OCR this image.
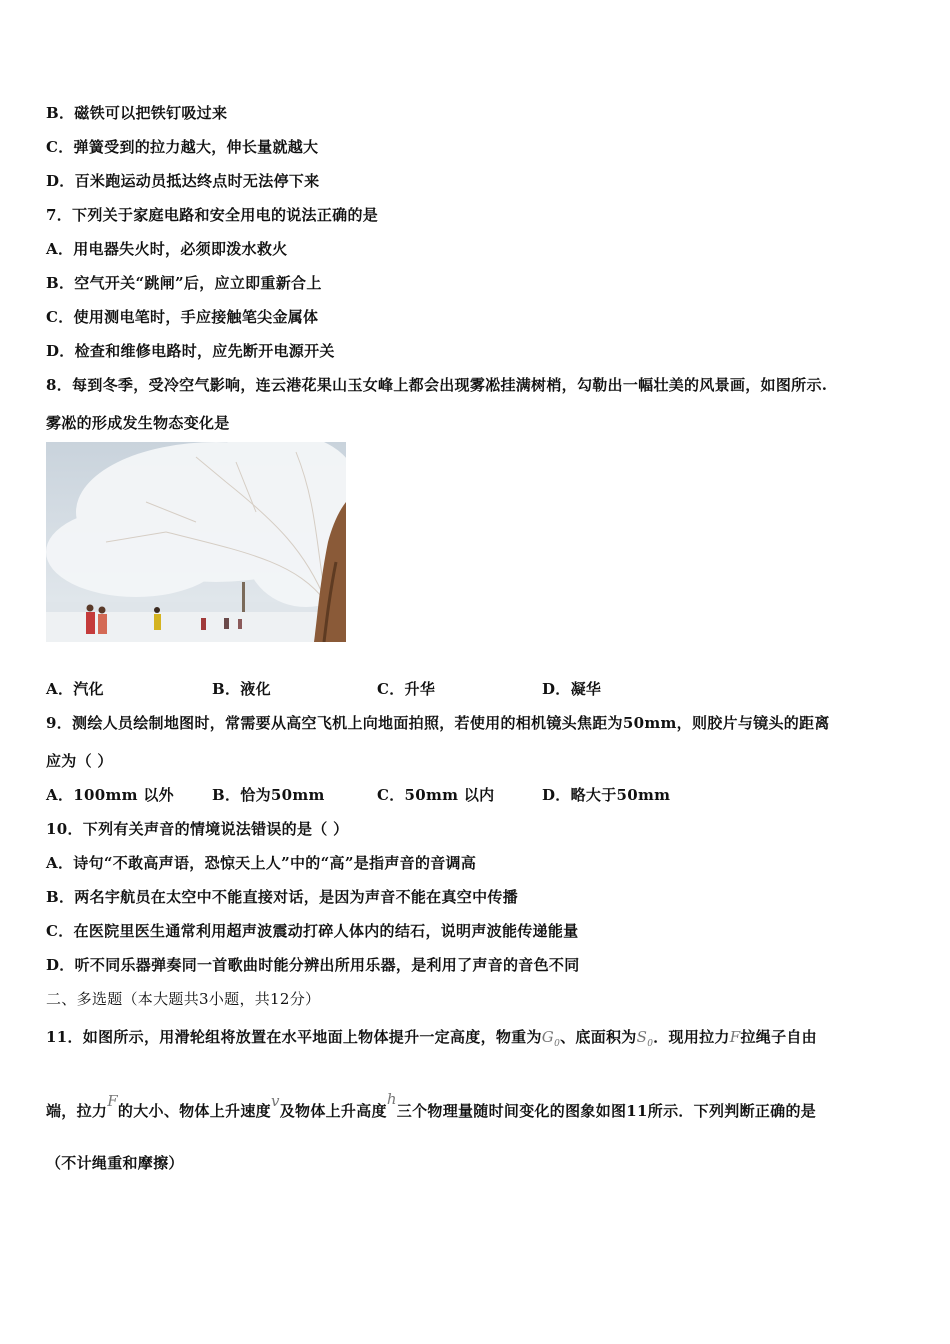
B．磁铁可以把铁钉吸过来
C．弹簧受到的拉力越大，伸长量就越大
D．百米跑运动员抵达终点时无法停下来
7．下列关于家庭电路和安全用电的说法正确的是
A．用电器失火时，必须即泼水救火
B．空气开关“跳闸”后，应立即重新合上
C．使用测电笔时，手应接触笔尖金属体
D．检查和维修电路时，应先断开电源开关
8．每到冬季，受冷空气影响，连云港花果山玉女峰上都会出现雾凇挂满树梢，勾勒出一幅壮美的风景画，如图所示.
雾凇的形成发生物态变化是
A．汽化	B．液化	C．升华	D．凝华
9．测绘人员绘制地图时，常需要从高空飞机上向地面拍照，若使用的相机镜头焦距为50mm，则胶片与镜头的距离
应为（ ）
A．100mm 以外	B．恰为50mm	C．50mm 以内	D．略大于50mm
10．下列有关声音的情境说法错误的是（ ）
A．诗句“不敢高声语，恐惊天上人”中的“高”是指声音的音调高
B．两名宇航员在太空中不能直接对话，是因为声音不能在真空中传播
C．在医院里医生通常利用超声波震动打碎人体内的结石，说明声波能传递能量
D．听不同乐器弹奏同一首歌曲时能分辨出所用乐器，是利用了声音的音色不同
二、多选题（本大题共3小题，共12分）
11．如图所示，用滑轮组将放置在水平地面上物体提升一定高度，物重为$G_0$、底面积为$S_0$．现用拉力F拉绳子自由
端，拉力F的大小、物体上升速度v及物体上升高度h三个物理量随时间变化的图象如图11所示．下列判断正确的是
（不计绳重和摩擦）
